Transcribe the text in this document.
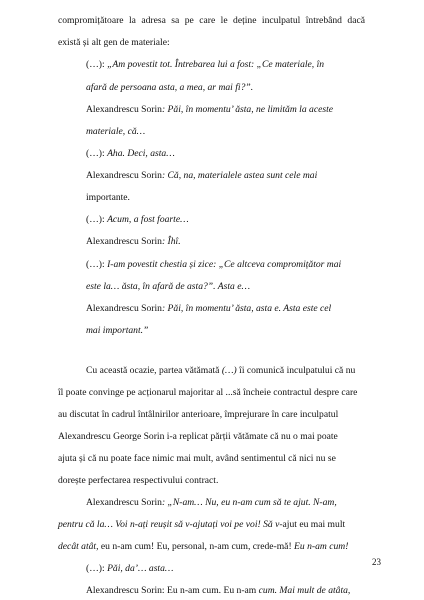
compromițătoare la adresa sa pe care le deține inculpatul întrebând dacă
există și alt gen de materiale:
(…): „Am povestit tot. Întrebarea lui a fost: „Ce materiale, în
afară de persoana asta, a mea, ar mai fi?”.
Alexandrescu Sorin: Păi, în momentu’ ăsta, ne limităm la aceste
materiale, că…
(…): Aha. Deci, asta…
Alexandrescu Sorin: Că, na, materialele astea sunt cele mai
importante.
(…): Acum, a fost foarte…
Alexandrescu Sorin: Îhî.
(…): I-am povestit chestia și zice: „Ce altceva compromițător mai
este la… ăsta, în afară de asta?”. Asta e…
Alexandrescu Sorin: Păi, în momentu’ ăsta, asta e. Asta este cel
mai important.”
Cu această ocazie, partea vătămată (…) îi comunică inculpatului că nu
îl poate convinge pe acționarul majoritar al ...să încheie contractul despre care
au discutat în cadrul întâlnirilor anterioare, împrejurare în care inculpatul
Alexandrescu George Sorin i-a replicat părții vătămate că nu o mai poate
ajuta și că nu poate face nimic mai mult, având sentimentul că nici nu se
dorește perfectarea respectivului contract.
Alexandrescu Sorin: „N-am… Nu, eu n-am cum să te ajut. N-am,
pentru că la… Voi n-ați reușit să v-ajutați voi pe voi! Să v-ajut eu mai mult
decât atât, eu n-am cum! Eu, personal, n-am cum, crede-mă! Eu n-am cum!
(…): Păi, da’… asta…
Alexandrescu Sorin: Eu n-am cum. Eu n-am cum. Mai mult de atâta,
23
